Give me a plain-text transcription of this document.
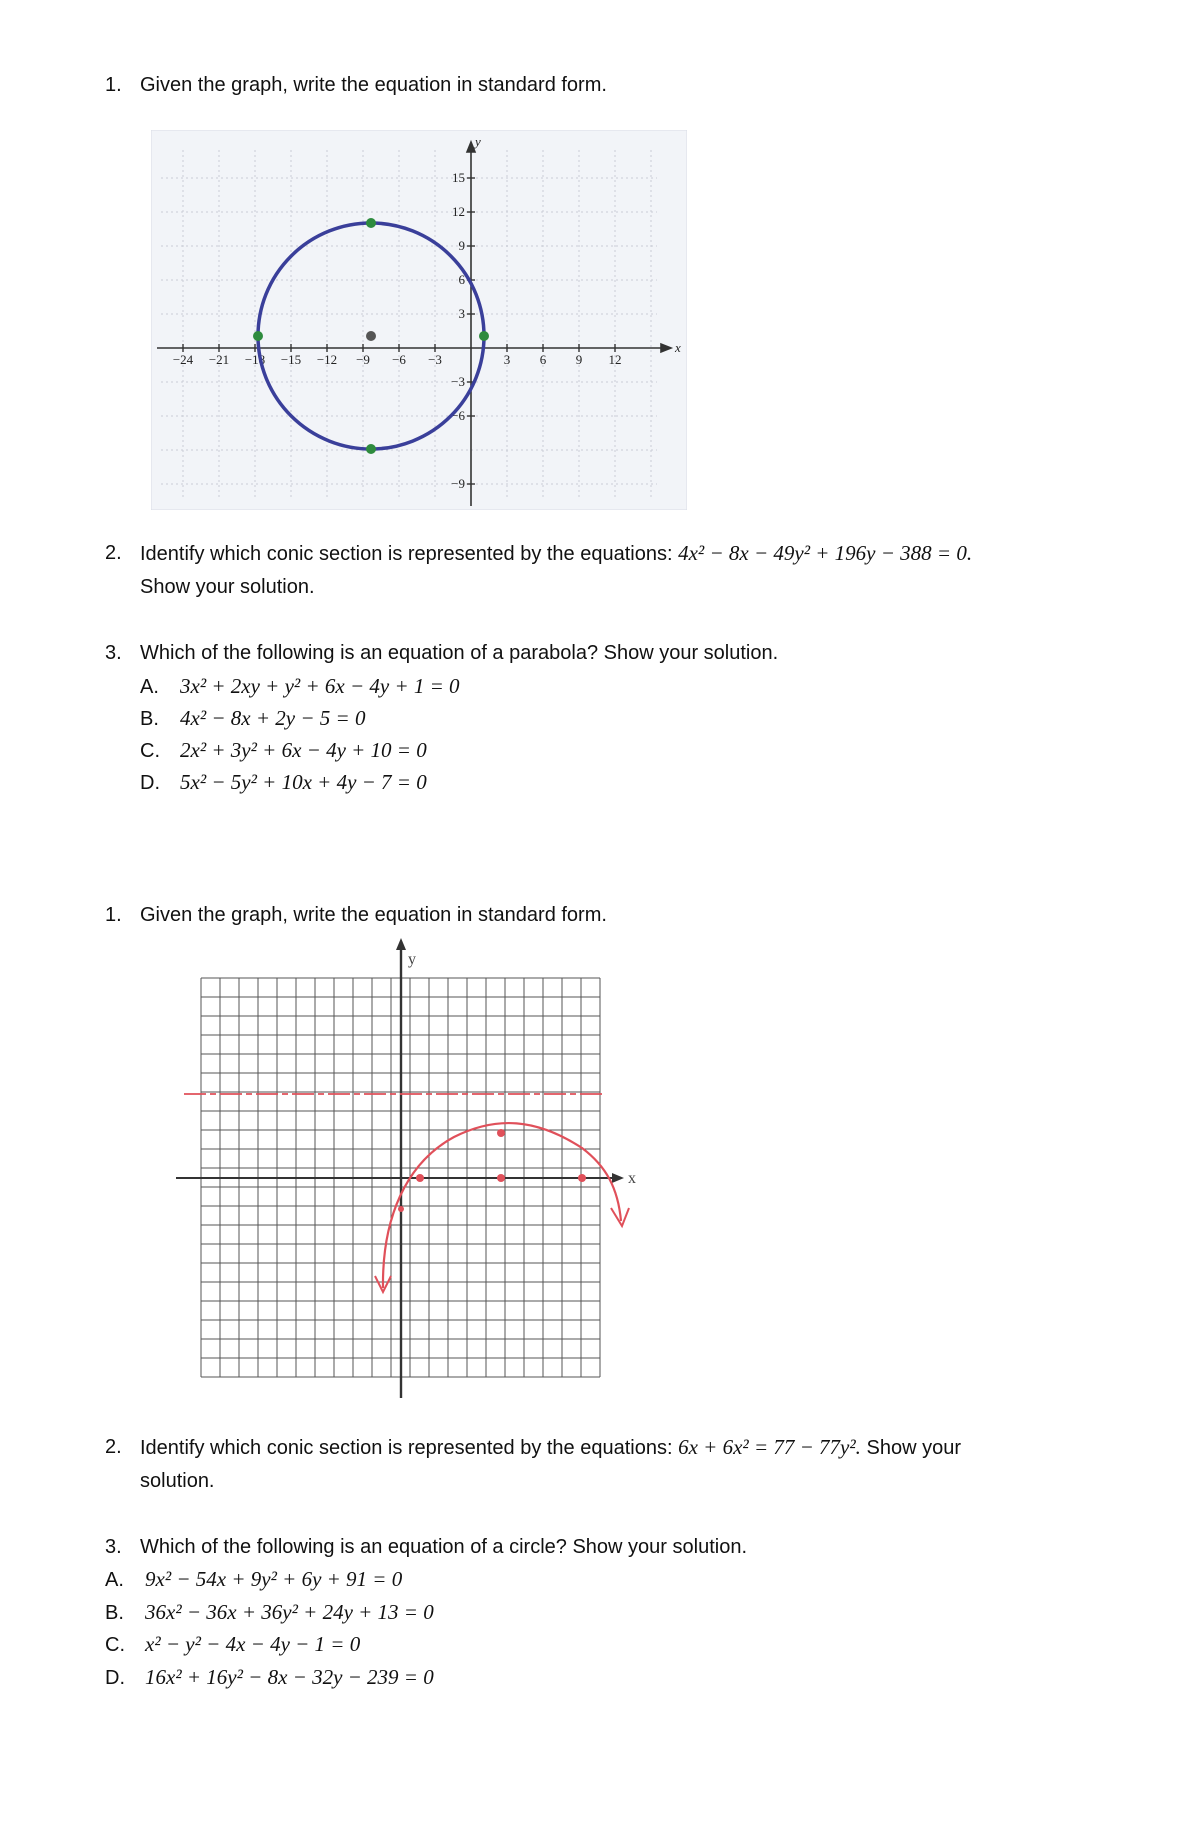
1. Given the graph, write the equation in standard form.
x
y
−24 −21 −18 −15 −12 −9 −6 −3	3 6 9 12
15
12
9
6
3
−3
−6
−9
2. Identify which conic section is represented by the equations: 4x² − 8x − 49y² + 196y − 388 = 0.
Show your solution.
3. Which of the following is an equation of a parabola? Show your solution.
A. 3x² + 2xy + y² + 6x − 4y + 1 = 0
B. 4x² − 8x + 2y − 5 = 0
C. 2x² + 3y² + 6x − 4y + 10 = 0
D. 5x² − 5y² + 10x + 4y − 7 = 0
1. Given the graph, write the equation in standard form.
x
y
2. Identify which conic section is represented by the equations: 6x + 6x² = 77 − 77y². Show your
solution.
3. Which of the following is an equation of a circle? Show your solution.
A. 9x² − 54x + 9y² + 6y + 91 = 0
B. 36x² − 36x + 36y² + 24y + 13 = 0
C. x² − y² − 4x − 4y − 1 = 0
D. 16x² + 16y² − 8x − 32y − 239 = 0
